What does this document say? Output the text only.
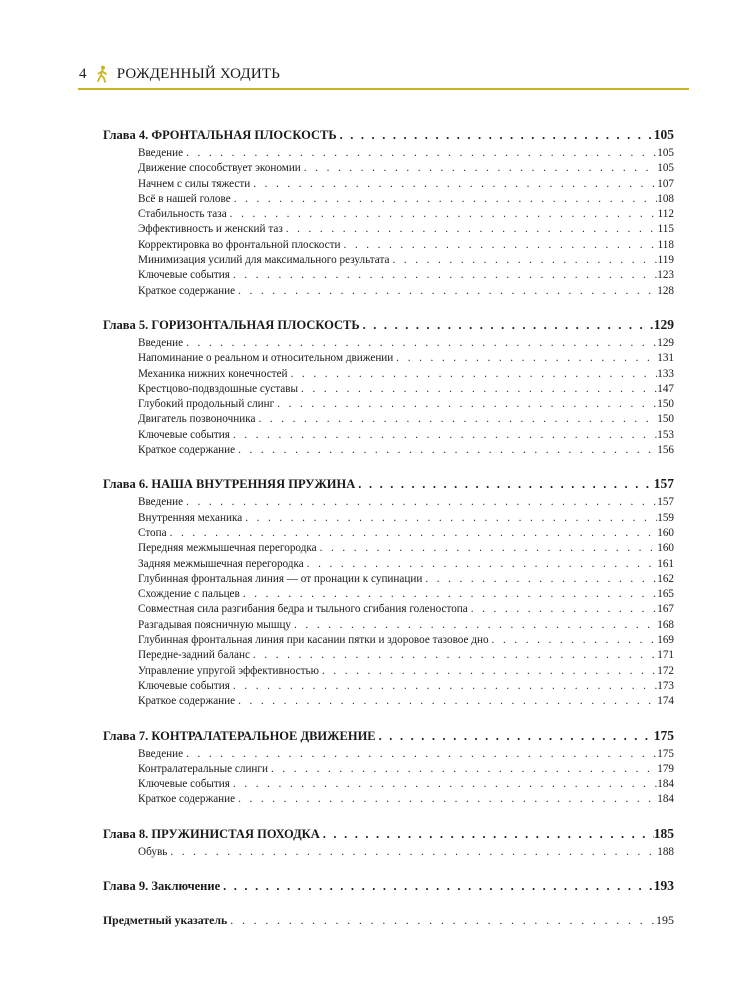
4 РОЖДЕННЫЙ ХОДИТЬ
Глава 4. ФРОНТАЛЬНАЯ ПЛОСКОСТЬ . . .	105
Введение . . .	105
Движение способствует экономии . . .	105
Начнем с силы тяжести . . .	107
Всё в нашей голове . . .	108
Стабильность таза . . .	112
Эффективность и женский таз . . .	115
Корректировка во фронтальной плоскости . . .	118
Минимизация усилий для максимального результата . . .	119
Ключевые события . . .	123
Краткое содержание . . .	128
Глава 5. ГОРИЗОНТАЛЬНАЯ ПЛОСКОСТЬ . . .	129
Введение . . .	129
Напоминание о реальном и относительном движении . . .	131
Механика нижних конечностей . . .	133
Крестцово-подвздошные суставы . . .	147
Глубокий продольный слинг . . .	150
Двигатель позвоночника . . .	150
Ключевые события . . .	153
Краткое содержание . . .	156
Глава 6. НАША ВНУТРЕННЯЯ ПРУЖИНА . . .	157
Введение . . .	157
Внутренняя механика . . .	159
Стопа . . .	160
Передняя межмышечная перегородка . . .	160
Задняя межмышечная перегородка . . .	161
Глубинная фронтальная линия — от пронации к супинации . . .	162
Схождение с пальцев . . .	165
Совместная сила разгибания бедра и тыльного сгибания голеностопа . . .	167
Разгадывая поясничную мышцу . . .	168
Глубинная фронтальная линия при касании пятки и здоровое тазовое дно . . .	169
Передне-задний баланс . . .	171
Управление упругой эффективностью . . .	172
Ключевые события . . .	173
Краткое содержание . . .	174
Глава 7. КОНТРАЛАТЕРАЛЬНОЕ ДВИЖЕНИЕ . . .	175
Введение . . .	175
Контралатеральные слинги . . .	179
Ключевые события . . .	184
Краткое содержание . . .	184
Глава 8. ПРУЖИНИСТАЯ ПОХОДКА . . .	185
Обувь . . .	188
Глава 9. Заключение . . .	193
Предметный указатель . . .	195
